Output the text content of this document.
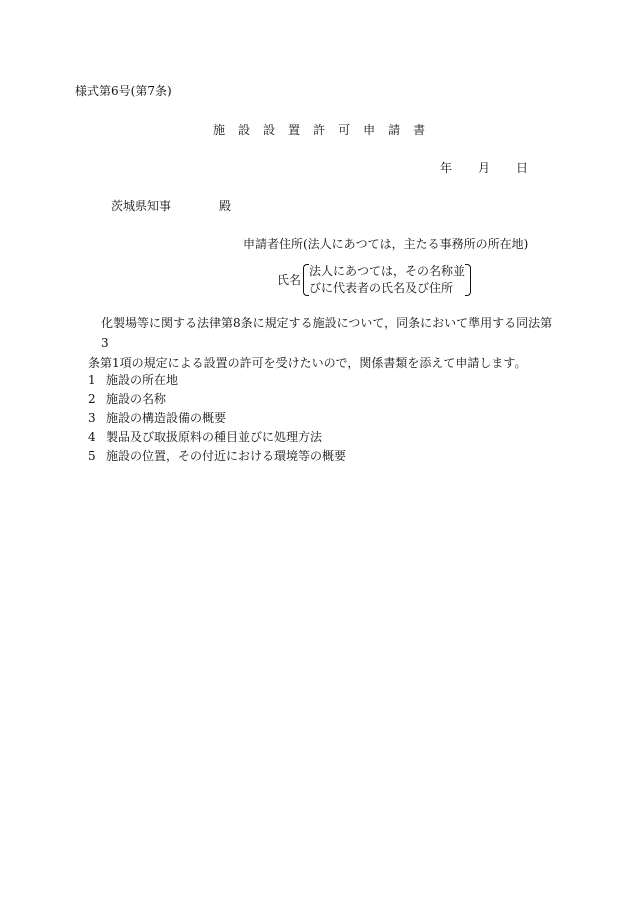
様式第6号(第7条)
施 設 設 置 許 可 申 請 書
年 月 日
茨城県知事	殿
申請者住所(法人にあつては，主たる事務所の所在地)
氏名
法人にあつては，その名称並
びに代表者の氏名及び住所
化製場等に関する法律第8条に規定する施設について，同条において準用する同法第3
条第1項の規定による設置の許可を受けたいので，関係書類を添えて申請します。
1 施設の所在地
2 施設の名称
3 施設の構造設備の概要
4 製品及び取扱原料の種目並びに処理方法
5 施設の位置，その付近における環境等の概要
